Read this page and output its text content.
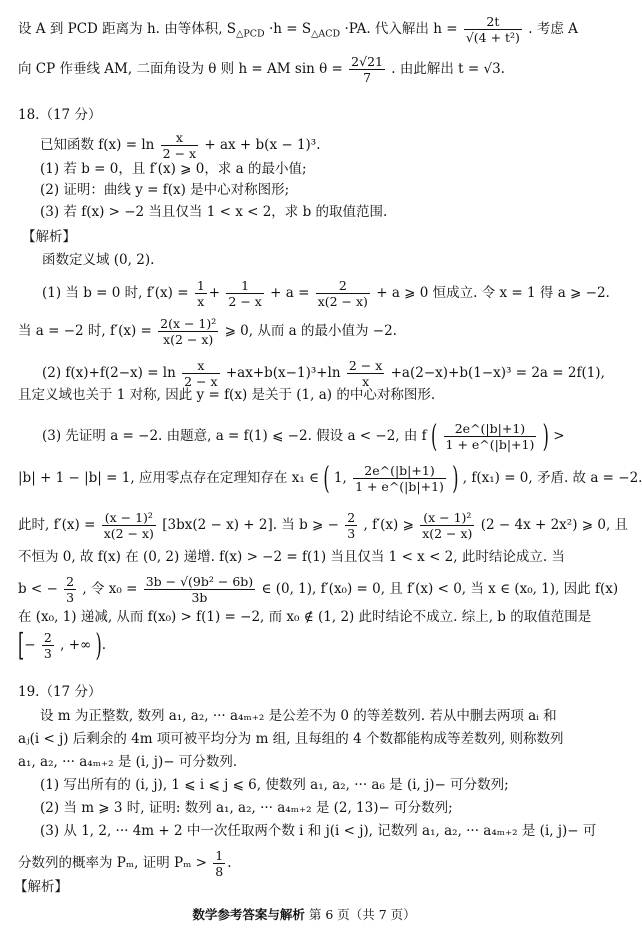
设 A 到 PCD 距离为 h. 由等体积, $S_{\triangle PCD} \cdot h = S_{\triangle ACD} \cdot PA$. 代入解出 $h = \frac{2t}{\text{√(4 + t²)}}$ . 考虑 A
向 CP 作垂线 AM, 二面角设为 θ 则 h = AM $\sin \theta = \frac{2√21}{7}$ . 由此解出 t = √3.
18.（17 分）
已知函数 $f(x) = \ln \frac{x}{2 - x}$ + ax + b(x − 1)³.
(1) 若 b = 0，且 f′(x) ⩾ 0，求 a 的最小值;
(2) 证明：曲线 y = f(x) 是中心对称图形;
(3) 若 f(x) > −2 当且仅当 1 < x < 2，求 b 的取值范围.
【解析】
函数定义域 (0, 2).
(1) 当 b = 0 时, $f'(x) = \frac{1}{x} + \frac{1}{2 - x} + a = \frac{2}{x(2 - x)} + a$ ⩾ 0 恒成立. 令 x = 1 得 a ⩾ −2.
当 a = −2 时, $f'(x) = \frac{\text{2(x − 1)²}}{x(2 - x)}$ ⩾ 0, 从而 a 的最小值为 −2.
(2) $f(x)+f(2-x) = \ln \frac{x}{2 - x} +ax+b(x-1)^3+\ln \frac{2 - x}{x} +a(2-x)+b(1-x)^3 = 2a = 2f(1)$,
且定义域也关于 1 对称, 因此 y = f(x) 是关于 (1, a) 的中心对称图形.
(3) 先证明 a = −2. 由题意, a = f(1) ⩽ −2. 假设 a < −2, 由 f ( $\frac{2e\^{}(|b|+1)}{1 + e\^{}(|b|+1)}$ ) >
|b| + 1 − |b| = 1, 应用零点存在定理知存在 x₁ ∈ ( 1, $\frac{2e\^{}(|b|+1)}{1 + e\^{}(|b|+1)}$ ) , f(x₁) = 0, 矛盾. 故 a = −2.
此时, $f'(x) = \frac{\text{(x − 1)²}}{x(2 - x)} [3bx(2 - x) + 2]$. 当 b ⩾ − $\frac{2}{3}$ , f′(x) ⩾ $\frac{\text{(x − 1)²}}{x(2 - x)} (2 - 4x + 2x^2)$ ⩾ 0, 且
不恒为 0, 故 f(x) 在 (0, 2) 递增. f(x) > −2 = f(1) 当且仅当 1 < x < 2, 此时结论成立. 当
b < − $\frac{2}{3}$ , 令 $x_0 = \frac{\text{3b − √(9b² − 6b)}}{3b}$ ∈ (0, 1), f′(x₀) = 0, 且 f′(x) < 0, 当 x ∈ (x₀, 1), 因此 f(x)
在 (x₀, 1) 递减, 从而 f(x₀) > f(1) = −2, 而 x₀ ∉ (1, 2) 此时结论不成立. 综上, b 的取值范围是
[− $\frac{2}{3}$ , +∞ ).
19.（17 分）
设 m 为正整数, 数列 a₁, a₂, ··· a₄ₘ₊₂ 是公差不为 0 的等差数列. 若从中删去两项 aᵢ 和
aⱼ(i < j) 后剩余的 4m 项可被平均分为 m 组, 且每组的 4 个数都能构成等差数列, 则称数列
a₁, a₂, ··· a₄ₘ₊₂ 是 (i, j)− 可分数列.
(1) 写出所有的 (i, j), 1 ⩽ i ⩽ j ⩽ 6, 使数列 a₁, a₂, ··· a₆ 是 (i, j)− 可分数列;
(2) 当 m ⩾ 3 时, 证明: 数列 a₁, a₂, ··· a₄ₘ₊₂ 是 (2, 13)− 可分数列;
(3) 从 1, 2, ··· 4m + 2 中一次任取两个数 i 和 j(i < j), 记数列 a₁, a₂, ··· a₄ₘ₊₂ 是 (i, j)− 可
分数列的概率为 Pₘ, 证明 $P_m > \frac{1}{8}$ .
【解析】
数学参考答案与解析 第 6 页（共 7 页）
